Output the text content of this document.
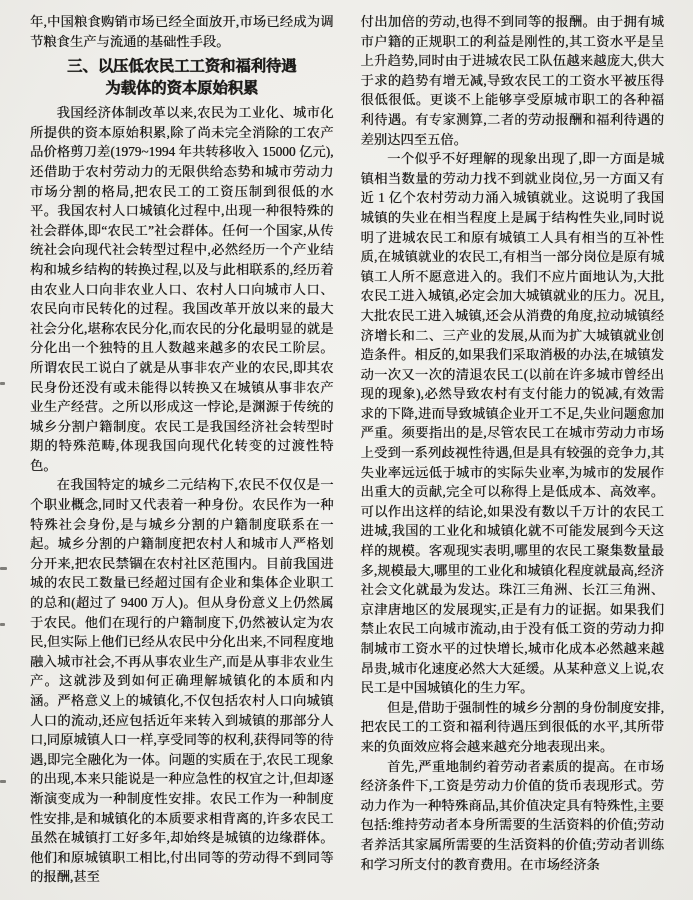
年,中国粮食购销市场已经全面放开,市场已经成为调节粮食生产与流通的基础性手段。

三、以压低农民工工资和福利待遇
为载体的资本原始积累

我国经济体制改革以来,农民为工业化、城市化所提供的资本原始积累,除了尚未完全消除的工农产品价格剪刀差(1979~1994 年共转移收入 15000 亿元),还借助于农村劳动力的无限供给态势和城市劳动力市场分割的格局,把农民工的工资压制到很低的水平。我国农村人口城镇化过程中,出现一种很特殊的社会群体,即“农民工”社会群体。任何一个国家,从传统社会向现代社会转型过程中,必然经历一个产业结构和城乡结构的转换过程,以及与此相联系的,经历着由农业人口向非农业人口、农村人口向城市人口、农民向市民转化的过程。我国改革开放以来的最大社会分化,堪称农民分化,而农民的分化最明显的就是分化出一个独特的且人数越来越多的农民工阶层。所谓农民工说白了就是从事非农产业的农民,即其农民身份还没有或未能得以转换又在城镇从事非农产业生产经营。之所以形成这一悖论,是渊源于传统的城乡分割户籍制度。农民工是我国经济社会转型时期的特殊范畴,体现我国向现代化转变的过渡性特色。

在我国特定的城乡二元结构下,农民不仅仅是一个职业概念,同时又代表着一种身份。农民作为一种特殊社会身份,是与城乡分割的户籍制度联系在一起。城乡分割的户籍制度把农村人和城市人严格划分开来,把农民禁锢在农村社区范围内。目前我国进城的农民工数量已经超过国有企业和集体企业职工的总和(超过了 9400 万人)。但从身份意义上仍然属于农民。他们在现行的户籍制度下,仍然被认定为农民,但实际上他们已经从农民中分化出来,不同程度地融入城市社会,不再从事农业生产,而是从事非农业生产。这就涉及到如何正确理解城镇化的本质和内涵。严格意义上的城镇化,不仅包括农村人口向城镇人口的流动,还应包括近年来转入到城镇的那部分人口,同原城镇人口一样,享受同等的权利,获得同等的待遇,即完全融化为一体。问题的实质在于,农民工现象的出现,本来只能说是一种应急性的权宜之计,但却逐渐演变成为一种制度性安排。农民工作为一种制度性安排,是和城镇化的本质要求相背离的,许多农民工虽然在城镇打工好多年,却始终是城镇的边缘群体。他们和原城镇职工相比,付出同等的劳动得不到同等的报酬,甚至

付出加倍的劳动,也得不到同等的报酬。由于拥有城市户籍的正规职工的利益是刚性的,其工资水平是呈上升趋势,同时由于进城农民工队伍越来越庞大,供大于求的趋势有增无减,导致农民工的工资水平被压得很低很低。更谈不上能够享受原城市职工的各种福利待遇。有专家测算,二者的劳动报酬和福利待遇的差别达四至五倍。

一个似乎不好理解的现象出现了,即一方面是城镇相当数量的劳动力找不到就业岗位,另一方面又有近 1 亿个农村劳动力涌入城镇就业。这说明了我国城镇的失业在相当程度上是属于结构性失业,同时说明了进城农民工和原有城镇工人具有相当的互补性质,在城镇就业的农民工,有相当一部分岗位是原有城镇工人所不愿意进入的。我们不应片面地认为,大批农民工进入城镇,必定会加大城镇就业的压力。况且,大批农民工进入城镇,还会从消费的角度,拉动城镇经济增长和二、三产业的发展,从而为扩大城镇就业创造条件。相反的,如果我们采取消极的办法,在城镇发动一次又一次的清退农民工(以前在许多城市曾经出现的现象),必然导致农村有支付能力的锐减,有效需求的下降,进而导致城镇企业开工不足,失业问题愈加严重。须要指出的是,尽管农民工在城市劳动力市场上受到一系列歧视性待遇,但是具有较强的竞争力,其失业率远远低于城市的实际失业率,为城市的发展作出重大的贡献,完全可以称得上是低成本、高效率。可以作出这样的结论,如果没有数以千万计的农民工进城,我国的工业化和城镇化就不可能发展到今天这样的规模。客观现实表明,哪里的农民工聚集数量最多,规模最大,哪里的工业化和城镇化程度就最高,经济社会文化就最为发达。珠江三角洲、长江三角洲、京津唐地区的发展现实,正是有力的证据。如果我们禁止农民工向城市流动,由于没有低工资的劳动力抑制城市工资水平的过快增长,城市化成本必然越来越昂贵,城市化速度必然大大延缓。从某种意义上说,农民工是中国城镇化的生力军。

但是,借助于强制性的城乡分割的身份制度安排,把农民工的工资和福利待遇压到很低的水平,其所带来的负面效应将会越来越充分地表现出来。

首先,严重地制约着劳动者素质的提高。在市场经济条件下,工资是劳动力价值的货币表现形式。劳动力作为一种特殊商品,其价值决定具有特殊性,主要包括:维持劳动者本身所需要的生活资料的价值;劳动者养活其家属所需要的生活资料的价值;劳动者训练和学习所支付的教育费用。在市场经济条
